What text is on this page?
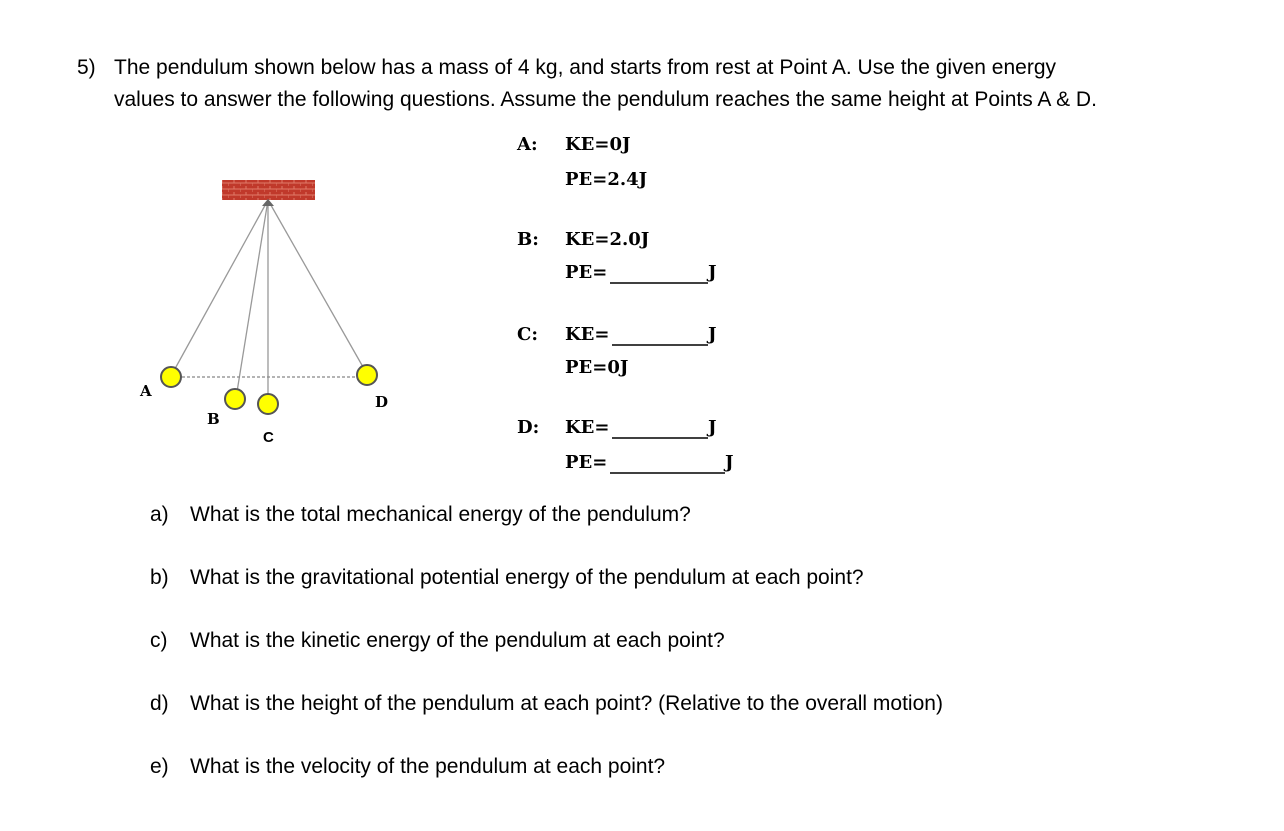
5) The pendulum shown below has a mass of 4 kg, and starts from rest at Point A. Use the given energy
values to answer the following questions. Assume the pendulum reaches the same height at Points A & D.
A
B
C
D
A: KE=0J
PE=2.4J
B: KE=2.0J
PE=	J
C: KE=	J
PE=0J
D: KE=	J
PE=	J
a) What is the total mechanical energy of the pendulum?
b) What is the gravitational potential energy of the pendulum at each point?
c) What is the kinetic energy of the pendulum at each point?
d) What is the height of the pendulum at each point? (Relative to the overall motion)
e) What is the velocity of the pendulum at each point?
